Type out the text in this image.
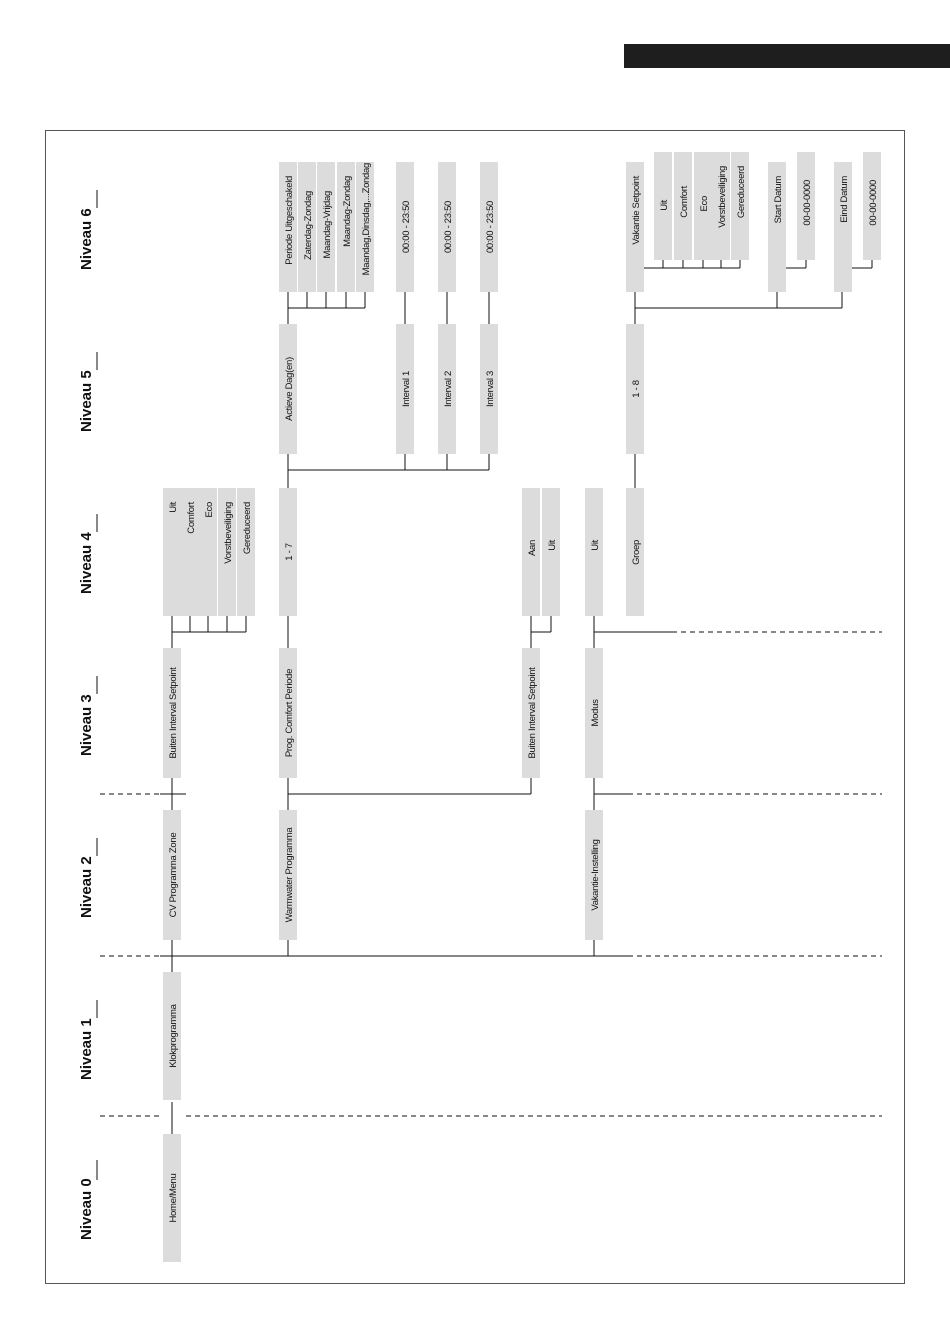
Niveau 0
Niveau 1
Niveau 2
Niveau 3
Niveau 4
Niveau 5
Niveau 6
Home/Menu
Klokprogramma
CV Programma Zone	Warmwater Programma	Vakantie-Instelling
Buiten Interval Setpoint	Prog. Comfort Periode	Buiten Interval Setpoint	Modus
Uit Comfort Eco Vorstbeveiliging Gereduceerd	1 - 7	Aan Uit	Uit	Groep
Actieve Dag(en)	Interval 1	Interval 2	Interval 3	1 - 8
Periode Uitgeschakeld Zaterdag-Zondag Maandag-Vrijdag Maandag-Zondag Maandag,Dinsdag,...Zondag	00:00 - 23:50	00:00 - 23:50	00:00 - 23:50	Vakantie Setpoint Uit Comfort Eco Vorstbeveiliging Gereduceerd	Start Datum 00-00-0000	Eind Datum 00-00-0000
